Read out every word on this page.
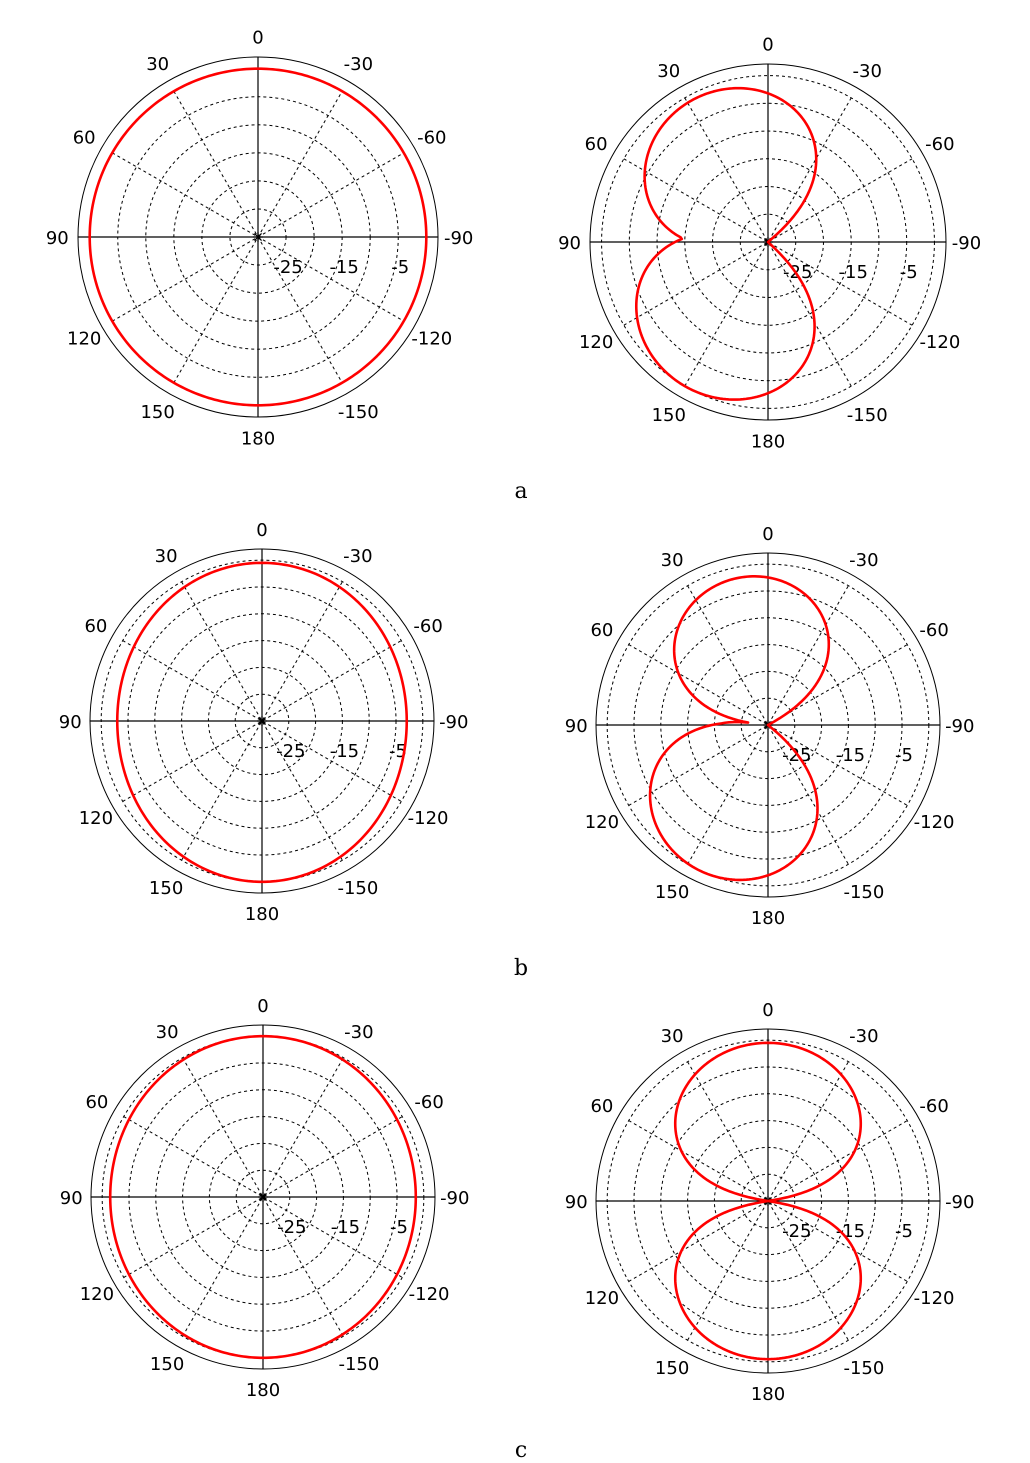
a
b
c
0
30
60
90
120
150
180
-150
-120
-90
-60
-30
-25 -15 -5
0
30
60
90
120
150
180
-150
-120
-90
-60
-30
-25 -15 -5
0
30
60
90
120
150
180
-150
-120
-90
-60
-30
-25 -15 -5
0
30
60
90
120
150
180
-150
-120
-90
-60
-30
-25 -15 -5
0
30
60
90
120
150
180
-150
-120
-90
-60
-30
-25 -15 -5
0
30
60
90
120
150
180
-150
-120
-90
-60
-30
-25 -15 -5
